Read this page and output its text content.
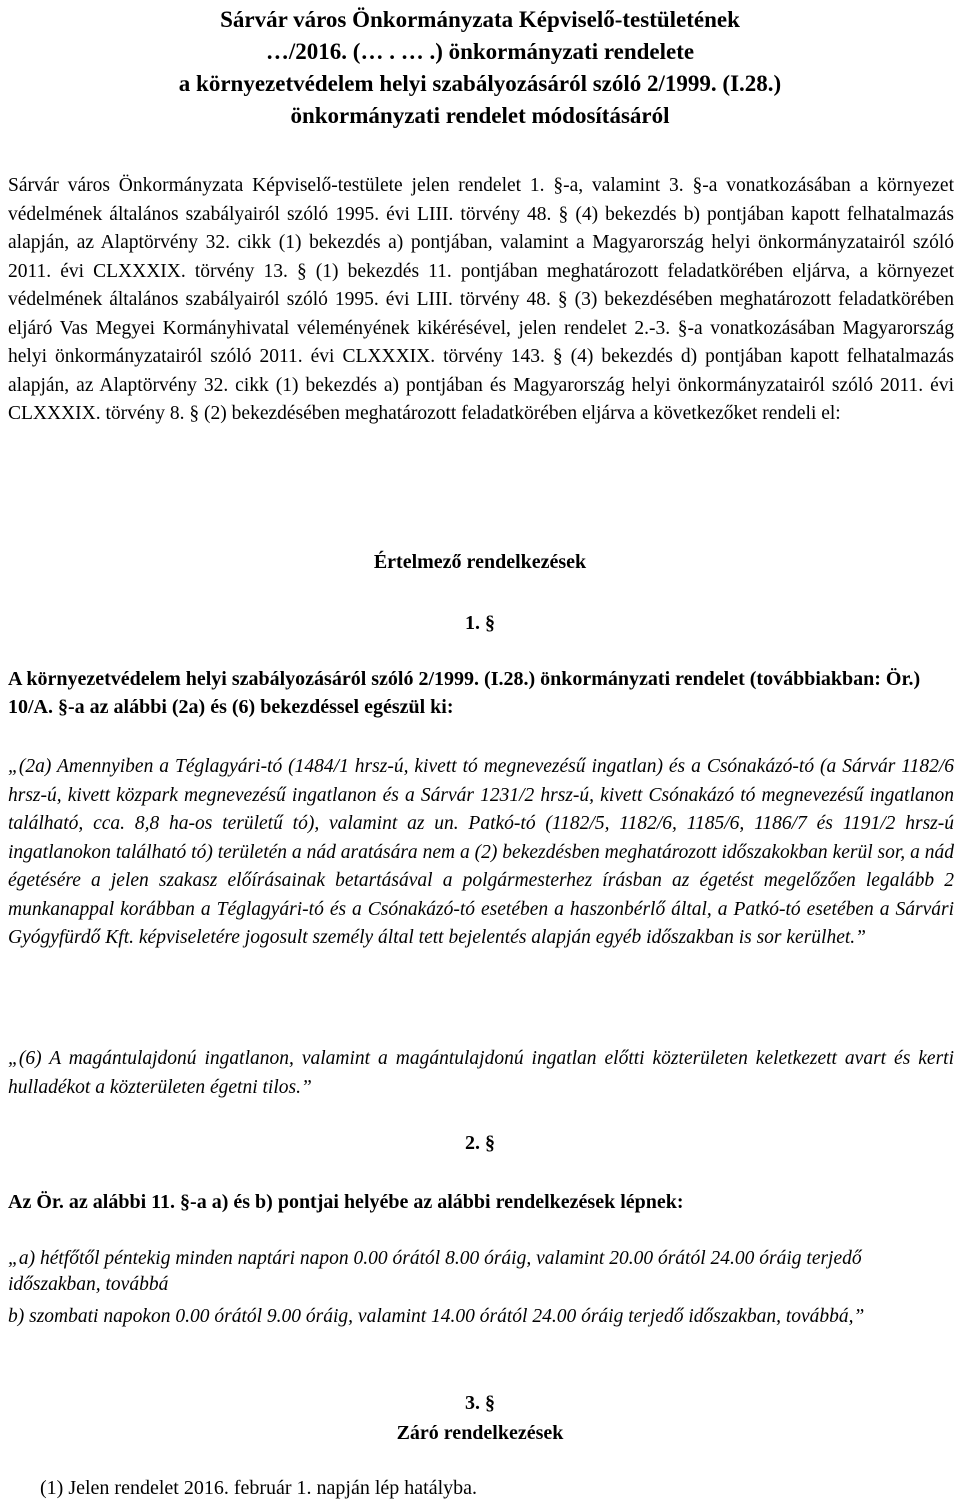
Sárvár város Önkormányzata Képviselő-testületének
…/2016. (… . … .) önkormányzati rendelete
a környezetvédelem helyi szabályozásáról szóló 2/1999. (I.28.)
önkormányzati rendelet módosításáról

Sárvár város Önkormányzata Képviselő-testülete jelen rendelet 1. §-a, valamint 3. §-a vonatkozásában a környezet védelmének általános szabályairól szóló 1995. évi LIII. törvény 48. § (4) bekezdés b) pontjában kapott felhatalmazás alapján, az Alaptörvény 32. cikk (1) bekezdés a) pontjában, valamint a Magyarország helyi önkormányzatairól szóló 2011. évi CLXXXIX. törvény 13. § (1) bekezdés 11. pontjában meghatározott feladatkörében eljárva, a környezet védelmének általános szabályairól szóló 1995. évi LIII. törvény 48. § (3) bekezdésében meghatározott feladatkörében eljáró Vas Megyei Kormányhivatal véleményének kikérésével, jelen rendelet 2.-3. §-a vonatkozásában Magyarország helyi önkormányzatairól szóló 2011. évi CLXXXIX. törvény 143. § (4) bekezdés d) pontjában kapott felhatalmazás alapján, az Alaptörvény 32. cikk (1) bekezdés a) pontjában és Magyarország helyi önkormányzatairól szóló 2011. évi CLXXXIX. törvény 8. § (2) bekezdésében meghatározott feladatkörében eljárva a következőket rendeli el:

Értelmező rendelkezések

1. §

A környezetvédelem helyi szabályozásáról szóló 2/1999. (I.28.) önkormányzati rendelet (továbbiakban: Ör.) 10/A. §-a az alábbi (2a) és (6) bekezdéssel egészül ki:

„(2a) Amennyiben a Téglagyári-tó (1484/1 hrsz-ú, kivett tó megnevezésű ingatlan) és a Csónakázó-tó (a Sárvár 1182/6 hrsz-ú, kivett közpark megnevezésű ingatlanon és a Sárvár 1231/2 hrsz-ú, kivett Csónakázó tó megnevezésű ingatlanon található, cca. 8,8 ha-os területű tó), valamint az un. Patkó-tó (1182/5, 1182/6, 1185/6, 1186/7 és 1191/2 hrsz-ú ingatlanokon található tó) területén a nád aratására nem a (2) bekezdésben meghatározott időszakokban kerül sor, a nád égetésére a jelen szakasz előírásainak betartásával a polgármesterhez írásban az égetést megelőzően legalább 2 munkanappal korábban a Téglagyári-tó és a Csónakázó-tó esetében a haszonbérlő által, a Patkó-tó esetében a Sárvári Gyógyfürdő Kft. képviseletére jogosult személy által tett bejelentés alapján egyéb időszakban is sor kerülhet.”

„(6) A magántulajdonú ingatlanon, valamint a magántulajdonú ingatlan előtti közterületen keletkezett avart és kerti hulladékot a közterületen égetni tilos.”

2. §

Az Ör. az alábbi 11. §-a a) és b) pontjai helyébe az alábbi rendelkezések lépnek:

„a) hétfőtől péntekig minden naptári napon 0.00 órától 8.00 óráig, valamint 20.00 órától 24.00 óráig terjedő időszakban, továbbá

b) szombati napokon 0.00 órától 9.00 óráig, valamint 14.00 órától 24.00 óráig terjedő időszakban, továbbá,”

3. §

Záró rendelkezések

(1) Jelen rendelet 2016. február 1. napján lép hatályba.
